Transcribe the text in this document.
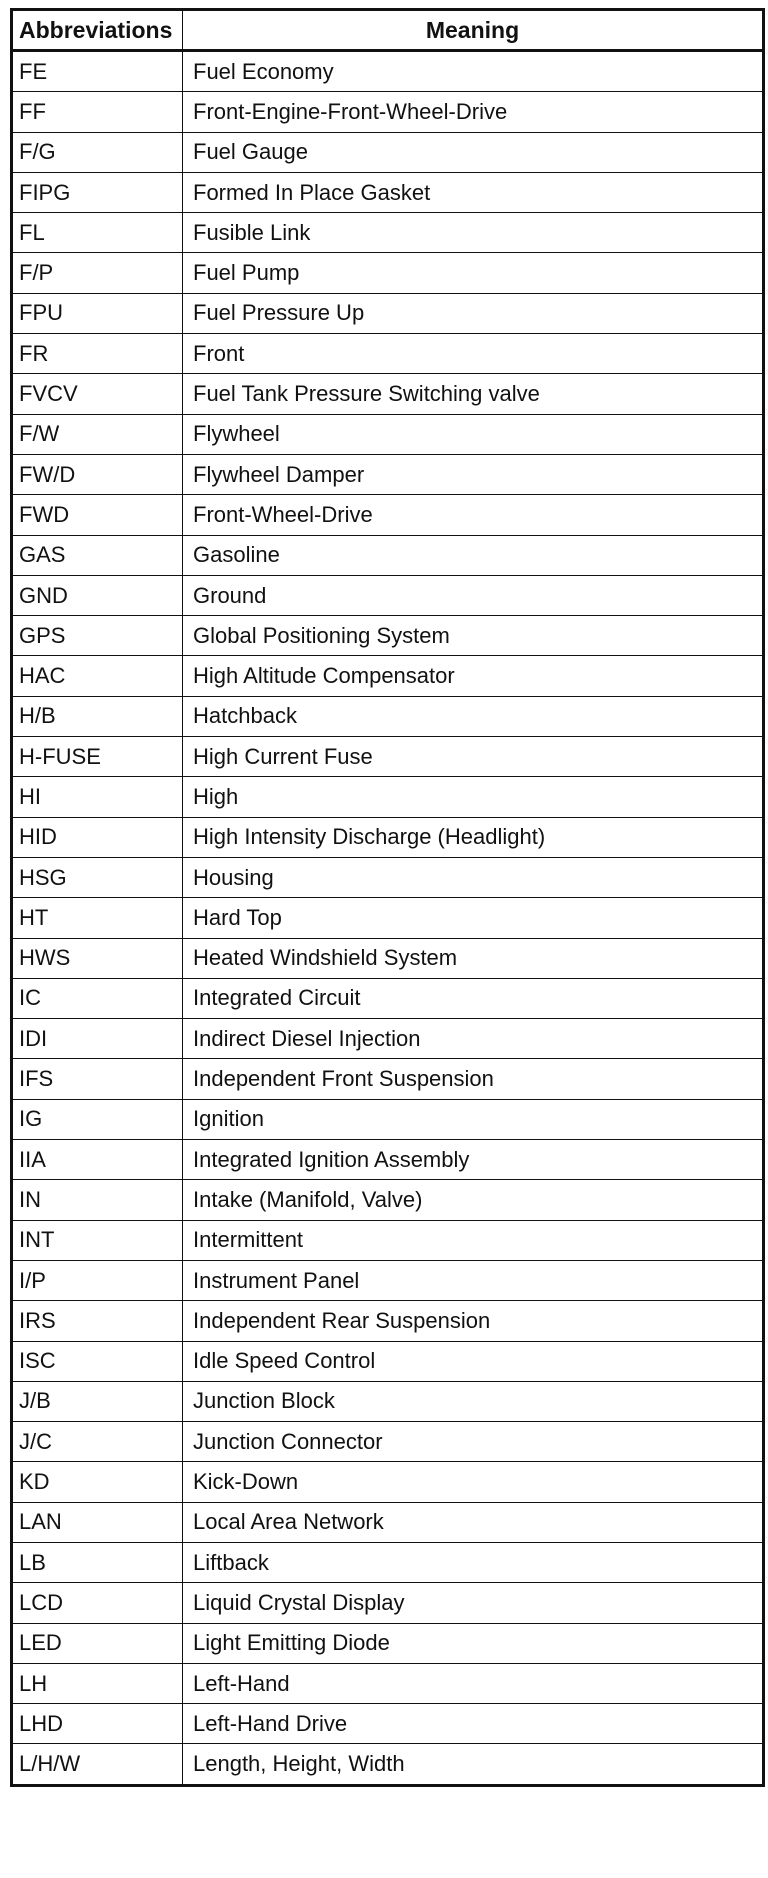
Abbreviations	Meaning
FE	Fuel Economy
FF	Front-Engine-Front-Wheel-Drive
F/G	Fuel Gauge
FIPG	Formed In Place Gasket
FL	Fusible Link
F/P	Fuel Pump
FPU	Fuel Pressure Up
FR	Front
FVCV	Fuel Tank Pressure Switching valve
F/W	Flywheel
FW/D	Flywheel Damper
FWD	Front-Wheel-Drive
GAS	Gasoline
GND	Ground
GPS	Global Positioning System
HAC	High Altitude Compensator
H/B	Hatchback
H-FUSE	High Current Fuse
HI	High
HID	High Intensity Discharge (Headlight)
HSG	Housing
HT	Hard Top
HWS	Heated Windshield System
IC	Integrated Circuit
IDI	Indirect Diesel Injection
IFS	Independent Front Suspension
IG	Ignition
IIA	Integrated Ignition Assembly
IN	Intake (Manifold, Valve)
INT	Intermittent
I/P	Instrument Panel
IRS	Independent Rear Suspension
ISC	Idle Speed Control
J/B	Junction Block
J/C	Junction Connector
KD	Kick-Down
LAN	Local Area Network
LB	Liftback
LCD	Liquid Crystal Display
LED	Light Emitting Diode
LH	Left-Hand
LHD	Left-Hand Drive
L/H/W	Length, Height, Width
